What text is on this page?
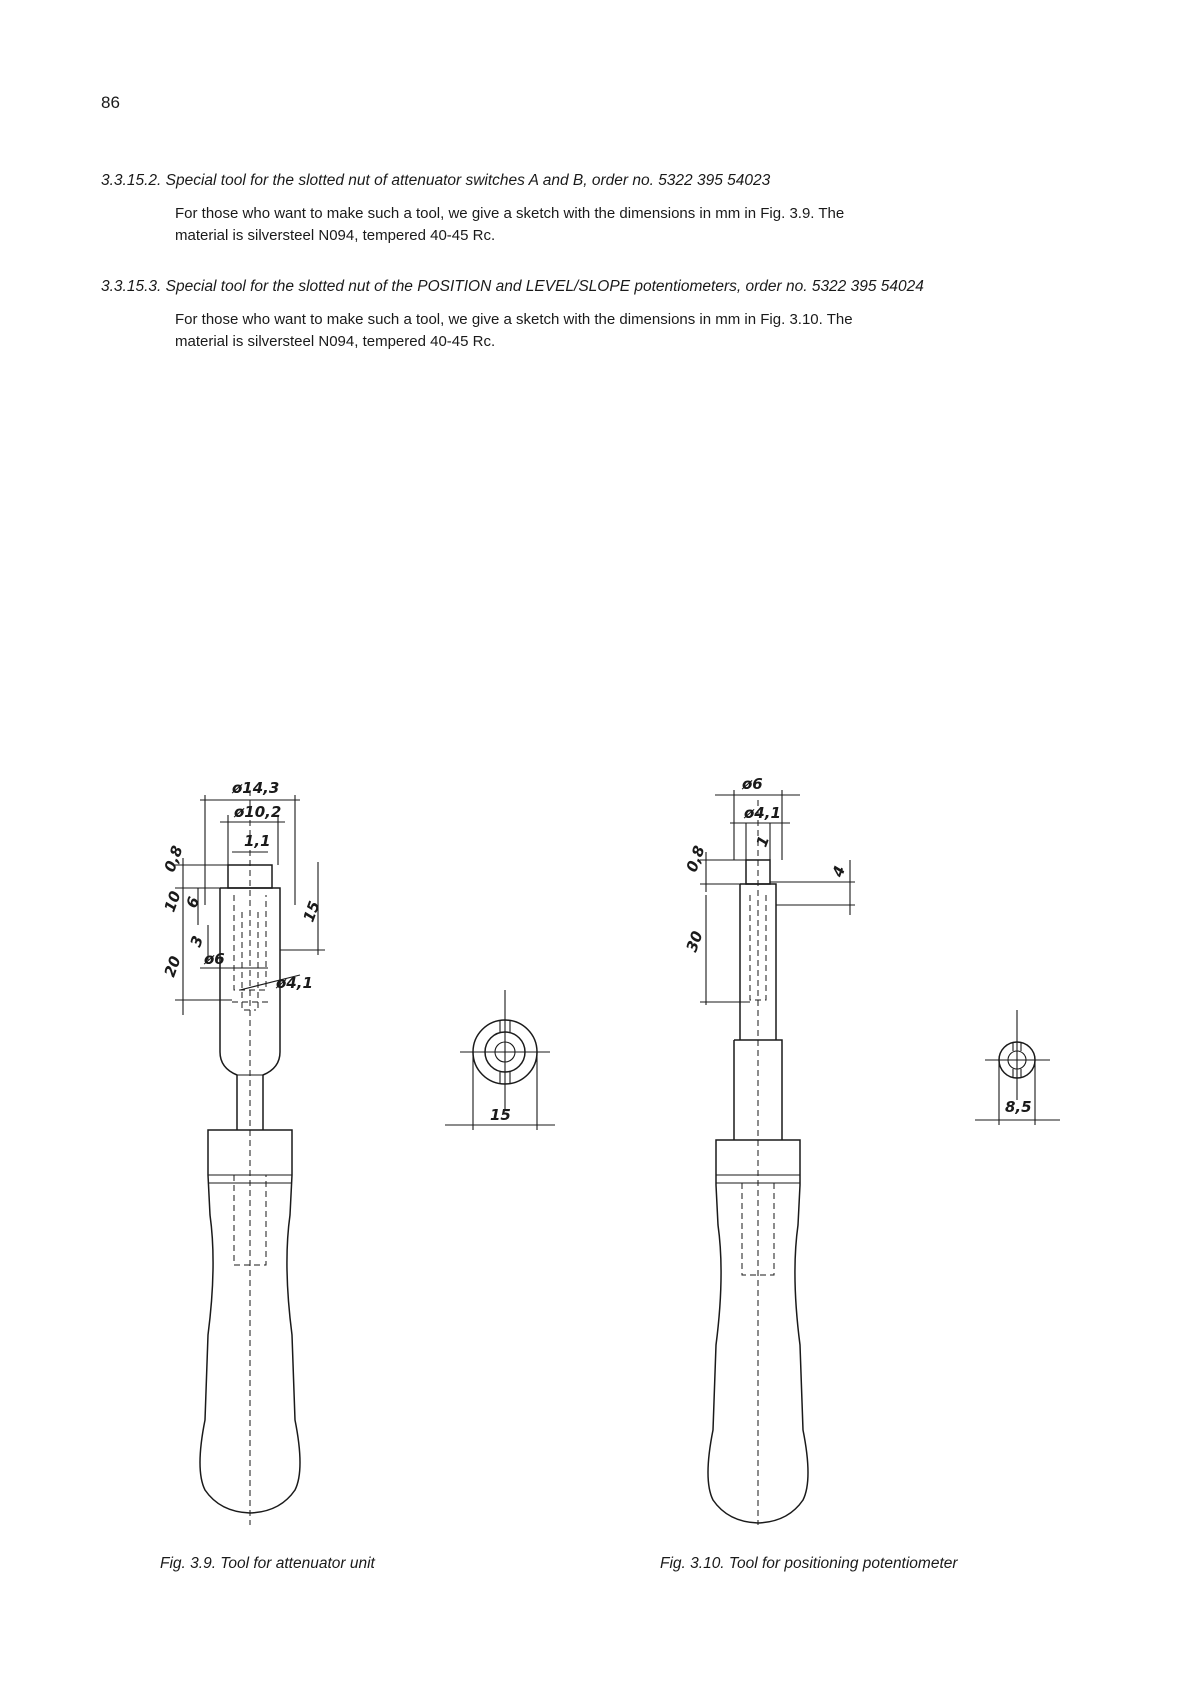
86
3.3.15.2. Special tool for the slotted nut of attenuator switches A and B, order no. 5322 395 54023
For those who want to make such a tool, we give a sketch with the dimensions in mm in Fig. 3.9. The
material is silversteel N094, tempered 40-45 Rc.
3.3.15.3. Special tool for the slotted nut of the POSITION and LEVEL/SLOPE potentiometers, order no. 5322 395 54024
For those who want to make such a tool, we give a sketch with the dimensions in mm in Fig. 3.10. The
material is silversteel N094, tempered 40-45 Rc.
ø14,3
ø10,2
1,1
0,8
10
6
3
ø6
20
15
ø4,1
15
ø6
ø4,1
1
0,8
30
4
8,5
Fig. 3.9. Tool for attenuator unit	Fig. 3.10. Tool for positioning potentiometer
